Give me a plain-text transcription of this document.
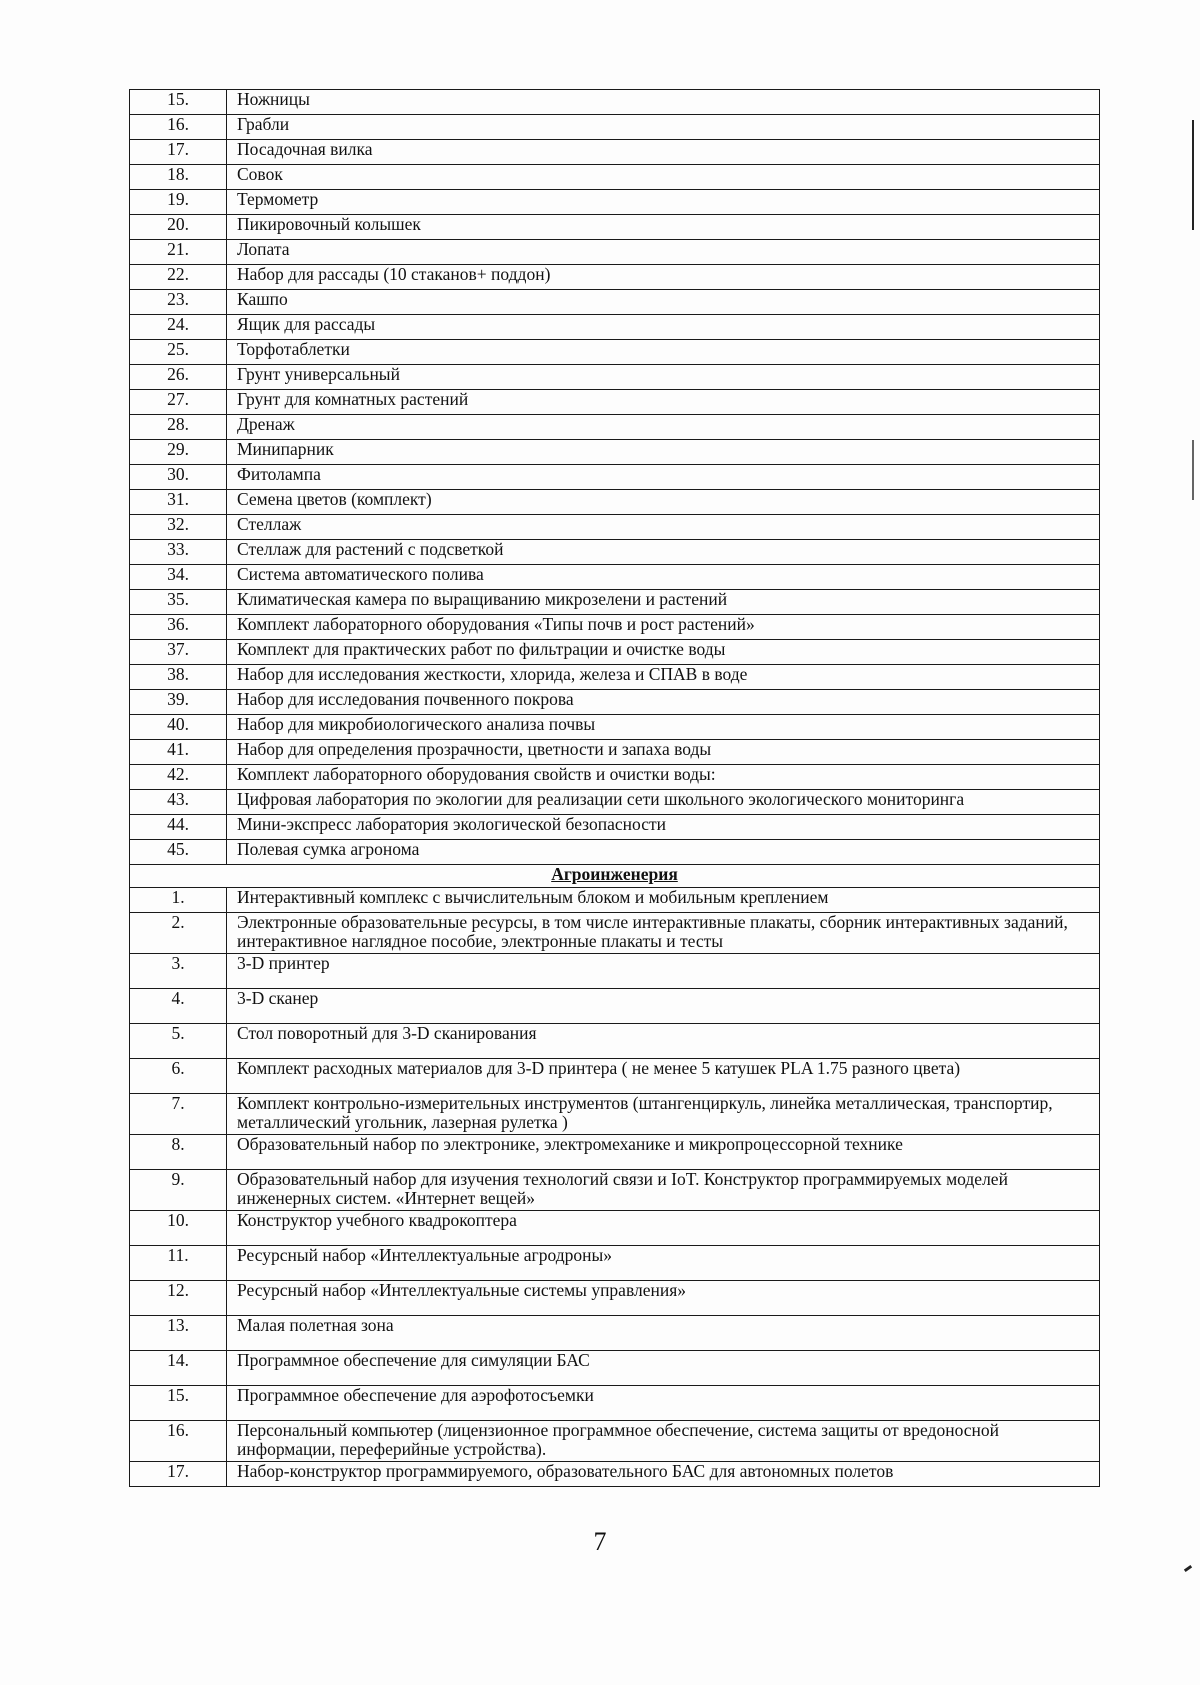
15.	Ножницы
16.	Грабли
17.	Посадочная вилка
18.	Совок
19.	Термометр
20.	Пикировочный колышек
21.	Лопата
22.	Набор для рассады (10 стаканов+ поддон)
23.	Кашпо
24.	Ящик для рассады
25.	Торфотаблетки
26.	Грунт универсальный
27.	Грунт для комнатных растений
28.	Дренаж
29.	Минипарник
30.	Фитолампа
31.	Семена цветов (комплект)
32.	Стеллаж
33.	Стеллаж для растений с подсветкой
34.	Система автоматического полива
35.	Климатическая камера по выращиванию микрозелени и растений
36.	Комплект лабораторного оборудования «Типы почв и рост растений»
37.	Комплект для практических работ по фильтрации и очистке воды
38.	Набор для исследования жесткости, хлорида, железа и СПАВ в воде
39.	Набор для исследования почвенного покрова
40.	Набор для микробиологического анализа почвы
41.	Набор для определения прозрачности, цветности и запаха воды
42.	Комплект лабораторного оборудования свойств и очистки воды:
43.	Цифровая лаборатория по экологии для реализации сети школьного экологического мониторинга
44.	Мини-экспресс лаборатория экологической безопасности
45.	Полевая сумка агронома
Агроинженерия	
1.	Интерактивный комплекс с вычислительным блоком и мобильным креплением
2.	Электронные образовательные ресурсы, в том числе интерактивные плакаты, сборник интерактивных заданий, интерактивное наглядное пособие, электронные плакаты и тесты
3.	3-D принтер
4.	3-D сканер
5.	Стол поворотный для 3-D сканирования
6.	Комплект расходных материалов для 3-D принтера ( не менее 5 катушек PLA 1.75 разного цвета)
7.	Комплект контрольно-измерительных инструментов (штангенциркуль, линейка металлическая, транспортир, металлический угольник, лазерная рулетка )
8.	Образовательный набор по электронике, электромеханике и микропроцессорной технике
9.	Образовательный набор для изучения технологий связи и IoT. Конструктор программируемых моделей инженерных систем. «Интернет вещей»
10.	Конструктор учебного квадрокоптера
11.	Ресурсный набор «Интеллектуальные агродроны»
12.	Ресурсный набор «Интеллектуальные системы управления»
13.	Малая полетная зона
14.	Программное обеспечение для симуляции БАС
15.	Программное обеспечение для аэрофотосъемки
16.	Персональный компьютер (лицензионное программное обеспечение, система защиты от вредоносной информации, переферийные устройства).
17.	Набор-конструктор программируемого, образовательного БАС для автономных полетов
7
